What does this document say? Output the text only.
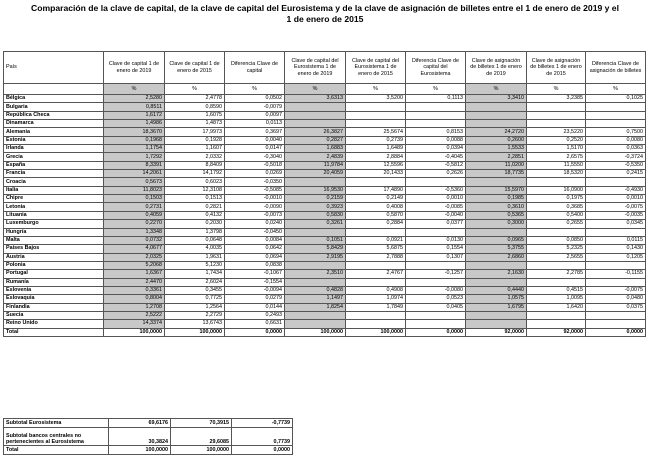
Comparación de la clave de capital, de la clave de capital del Eurosistema y de la clave de asignación de billetes entre el 1 de enero de 2019 y el 1 de enero de 2015
País	Clave de capital 1 de enero de 2019	Clave de capital 1 de enero de 2015	Diferencia Clave de capital	Clave de capital del Eurosistema 1 de enero de 2019	Clave de capital del Eurosistema 1 de enero de 2015	Diferencia Clave de capital del Eurosistema	Clave de asignación de billetes 1 de enero de 2019	Clave de asignación de billetes 1 de enero de 2015	Diferencia Clave de asignación de billetes
	%	%	%	%	%	%	%	%	%
Bélgica	2,5280	2,4778	0,0502	3,6313	3,5200	0,1113	3,3410	3,2385	0,1025
Bulgaria	0,8511	0,8590	-0,0079						
República Checa	1,6172	1,6075	0,0097						
Dinamarca	1,4986	1,4873	0,0113						
Alemania	18,3670	17,9973	0,3697	26,3827	25,5674	0,8153	24,2720	23,5220	0,7500
Estonia	0,1968	0,1928	0,0040	0,2827	0,2739	0,0088	0,2600	0,2520	0,0080
Irlanda	1,1754	1,1607	0,0147	1,6883	1,6489	0,0394	1,5533	1,5170	0,0363
Grecia	1,7292	2,0332	-0,3040	2,4839	2,8884	-0,4045	2,2851	2,6575	-0,3724
España	8,3391	8,8409	-0,5018	11,9784	12,5596	-0,5812	11,0200	11,5550	-0,5350
Francia	14,2061	14,1792	0,0269	20,4059	20,1433	0,2626	18,7735	18,5320	0,2415
Croacia	0,5673	0,6023	-0,0350						
Italia	11,8023	12,3108	-0,5085	16,9530	17,4890	-0,5360	15,5970	16,0900	-0,4930
Chipre	0,1503	0,1513	-0,0010	0,2159	0,2149	0,0010	0,1985	0,1975	0,0010
Letonia	0,2731	0,2821	-0,0090	0,3923	0,4008	-0,0085	0,3610	0,3685	-0,0075
Lituania	0,4059	0,4132	-0,0073	0,5830	0,5870	-0,0040	0,5365	0,5400	-0,0035
Luxemburgo	0,2270	0,2030	0,0240	0,3261	0,2884	0,0377	0,3000	0,2655	0,0345
Hungría	1,3348	1,3798	-0,0450						
Malta	0,0732	0,0648	0,0084	0,1051	0,0921	0,0130	0,0965	0,0850	0,0115
Países Bajos	4,0677	4,0035	0,0642	5,8429	5,6875	0,1554	5,3755	5,2325	0,1430
Austria	2,0325	1,9631	0,0694	2,9195	2,7888	0,1307	2,6860	2,5655	0,1205
Polonia	5,2068	5,1230	0,0838						
Portugal	1,6367	1,7434	-0,1067	2,3510	2,4767	-0,1257	2,1630	2,2785	-0,1155
Rumanía	2,4470	2,6024	-0,1554						
Eslovenia	0,3361	0,3455	-0,0094	0,4828	0,4908	-0,0080	0,4440	0,4515	-0,0075
Eslovaquia	0,8004	0,7725	0,0279	1,1497	1,0974	0,0523	1,0575	1,0095	0,0480
Finlandia	1,2708	1,2564	0,0144	1,8254	1,7849	0,0405	1,6795	1,6420	0,0375
Suecia	2,5222	2,2729	0,2493						
Reino Unido	14,3374	13,6743	0,6631						
Total	100,0000	100,0000	0,0000	100,0000	100,0000	0,0000	92,0000	92,0000	0,0000
Subtotal Eurosistema	69,6176	70,3915	-0,7739
Subtotal bancos centrales no pertenecientes al Eurosistema	30,3824	29,6085	0,7739
Total	100,0000	100,0000	0,0000
